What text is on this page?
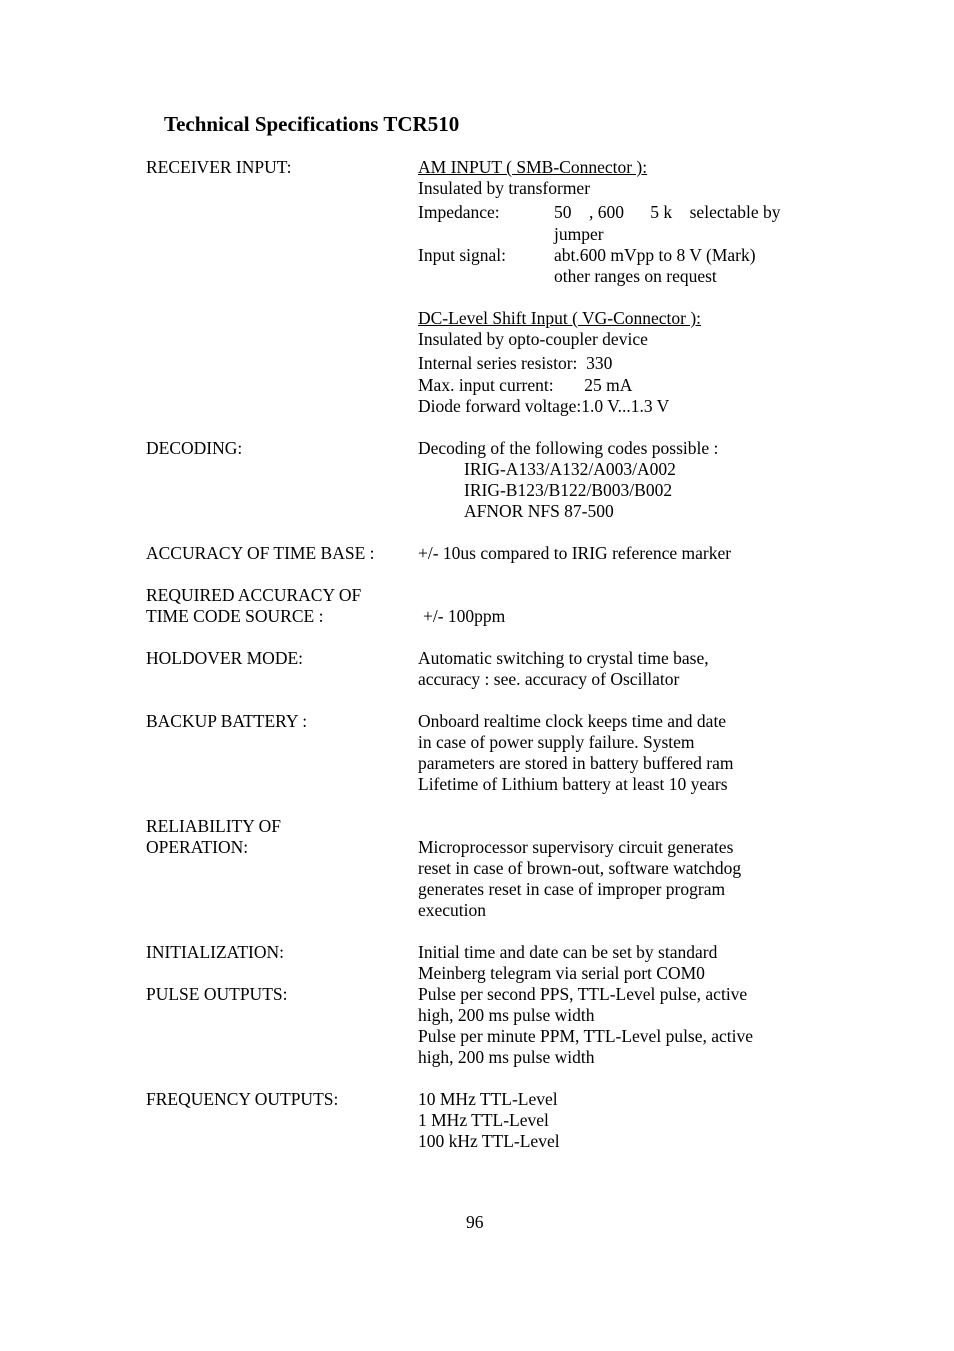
Technical Specifications TCR510
RECEIVER INPUT:	AM INPUT ( SMB-Connector ):
Insulated by transformer
Impedance:	50    , 600      5 k    selectable by
jumper
Input signal:	abt.600 mVpp to 8 V (Mark)
other ranges on request
DC-Level Shift Input ( VG-Connector ):
Insulated by opto-coupler device
Internal series resistor:  330
Max. input current:       25 mA
Diode forward voltage:1.0 V...1.3 V
DECODING:	Decoding of the following codes possible :
IRIG-A133/A132/A003/A002
IRIG-B123/B122/B003/B002
AFNOR NFS 87-500
ACCURACY OF TIME BASE : +/- 10us compared to IRIG reference marker
REQUIRED ACCURACY OF
TIME CODE SOURCE :	+/- 100ppm
HOLDOVER MODE:	Automatic switching to crystal time base,
accuracy : see. accuracy of Oscillator
BACKUP BATTERY :	Onboard realtime clock keeps time and date
in case of power supply failure. System
parameters are stored in battery buffered ram
Lifetime of Lithium battery at least 10 years
RELIABILITY OF
OPERATION:	Microprocessor supervisory circuit generates
reset in case of brown-out, software watchdog
generates reset in case of improper program
execution
INITIALIZATION:	Initial time and date can be set by standard
Meinberg telegram via serial port COM0
PULSE OUTPUTS:	Pulse per second PPS, TTL-Level pulse, active
high, 200 ms pulse width
Pulse per minute PPM, TTL-Level pulse, active
high, 200 ms pulse width
FREQUENCY OUTPUTS:	10 MHz TTL-Level
1 MHz TTL-Level
100 kHz TTL-Level
96
